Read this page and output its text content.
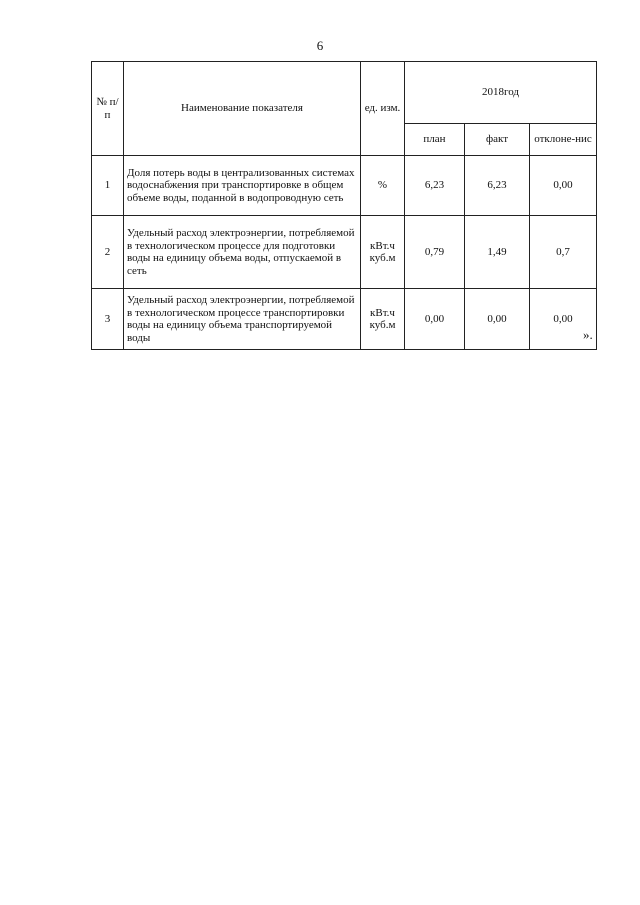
6
№ п/п	Наименование показателя	ед. изм.	2018год		
			план	факт	отклоне-нис
1	Доля потерь воды в централизованных системах водоснабжения при транспортировке в общем объеме воды, поданной в водопроводную сеть	%	6,23	6,23	0,00
2	Удельный расход электроэнергии, потребляемой в технологическом процессе для подготовки воды на единицу объема воды, отпускаемой в сеть	кВт.ч куб.м	0,79	1,49	0,7
3	Удельный расход электроэнергии, потребляемой в технологическом процессе транспортировки воды на единицу объема транспортируемой воды	кВт.ч куб.м	0,00	0,00	0,00
».
